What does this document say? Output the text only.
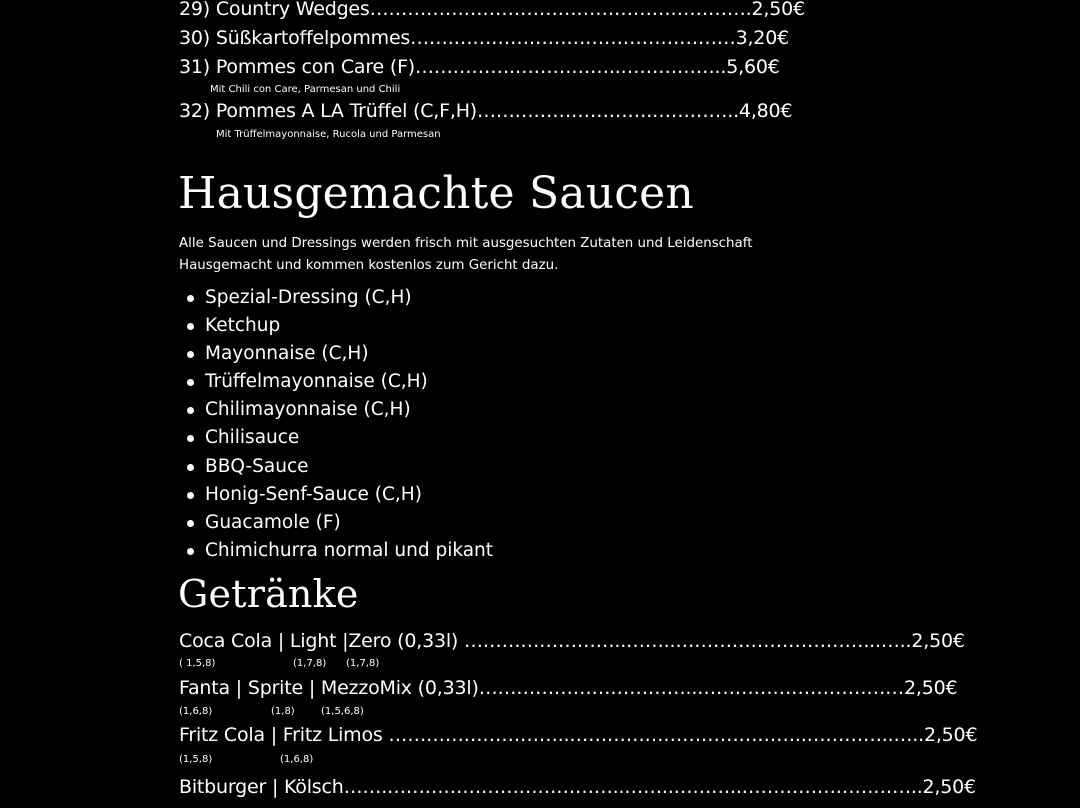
29) Country Wedges…………………………………………………….2,50€
30) Süßkartoffelpommes…….………………………………………3,20€
31) Pommes con Care (F)…………….……………..……………..5,60€
Mit Chili con Care, Parmesan und Chili
32) Pommes A LA Trüffel (C,F,H)……………………….…………..4,80€
Mit Trüffelmayonnaise, Rucola und Parmesan
Hausgemachte Saucen
Alle Saucen und Dressings werden frisch mit ausgesuchten Zutaten und Leidenschaft Hausgemacht und kommen kostenlos zum Gericht dazu.
Spezial-Dressing (C,H)
Ketchup
Mayonnaise (C,H)
Trüffelmayonnaise (C,H)
Chilimayonnaise (C,H)
Chilisauce
BBQ-Sauce
Honig-Senf-Sauce (C,H)
Guacamole (F)
Chimichurra normal und pikant
Getränke
Coca Cola | Light |Zero (0,33l) ……………………..……..…………………………...…..2,50€
( 1,5,8)	(1,7,8) (1,7,8)
Fanta | Sprite | MezzoMix (0,33l)……………………………..……………………………2,50€
(1,6,8)	(1,8)	(1,5,6,8)
Fritz Cola | Fritz Limos ………………………..………………………………..…………..…..2,50€
(1,5,8)	(1,6,8)
Bitburger | Kölsch…….………………………………..……..………..………………………..2,50€
